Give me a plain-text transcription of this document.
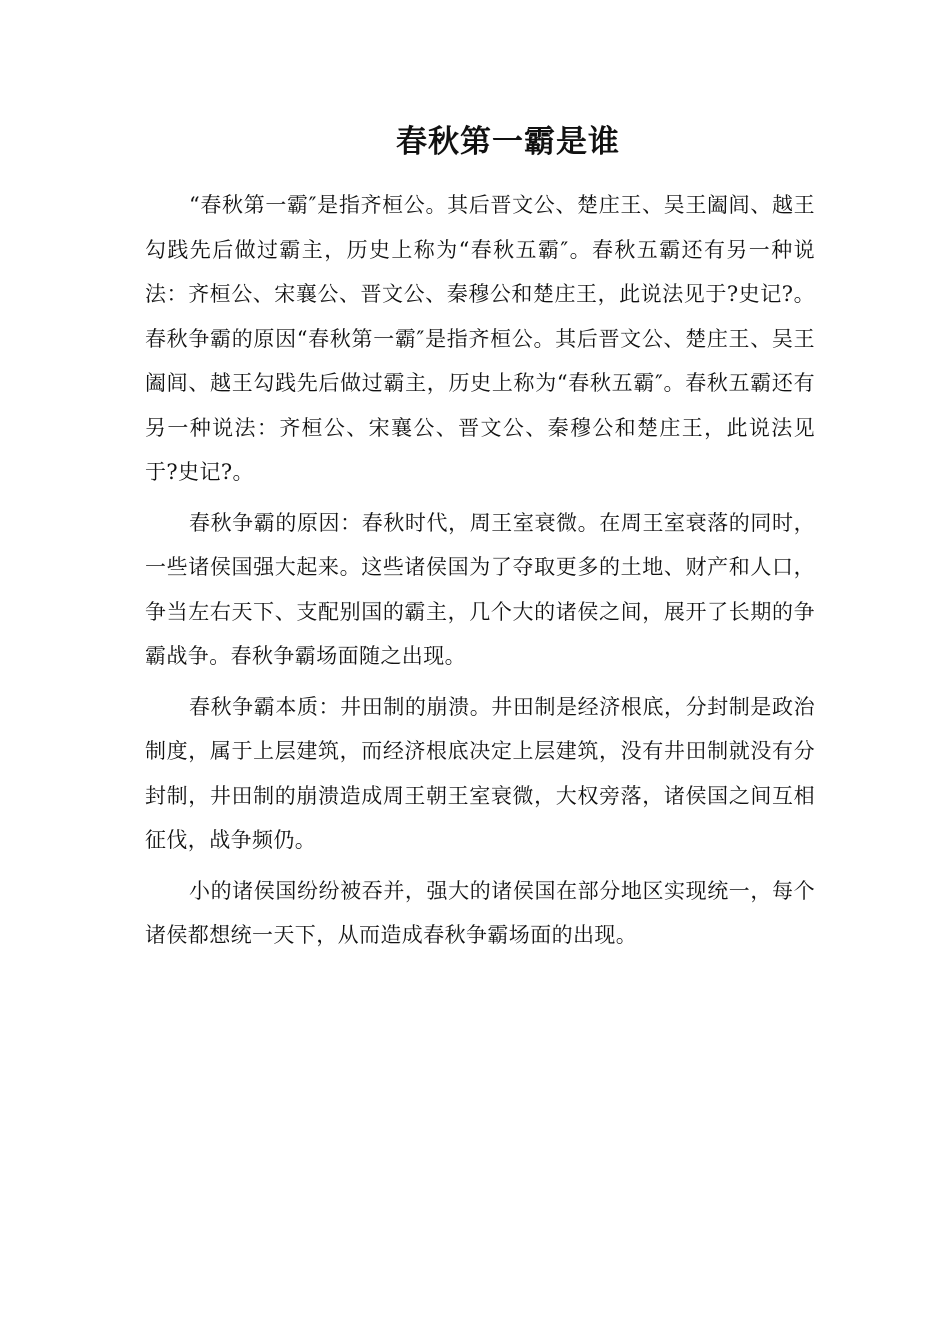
春秋第一霸是谁

“春秋第一霸″是指齐桓公。其后晋文公、楚庄王、吴王阖闾、越王勾践先后做过霸主，历史上称为“春秋五霸″。春秋五霸还有另一种说法：齐桓公、宋襄公、晋文公、秦穆公和楚庄王，此说法见于?史记?。春秋争霸的原因“春秋第一霸″是指齐桓公。其后晋文公、楚庄王、吴王阖闾、越王勾践先后做过霸主，历史上称为“春秋五霸″。春秋五霸还有另一种说法：齐桓公、宋襄公、晋文公、秦穆公和楚庄王，此说法见于?史记?。

春秋争霸的原因：春秋时代，周王室衰微。在周王室衰落的同时，一些诸侯国强大起来。这些诸侯国为了夺取更多的土地、财产和人口，争当左右天下、支配别国的霸主，几个大的诸侯之间，展开了长期的争霸战争。春秋争霸场面随之出现。

春秋争霸本质：井田制的崩溃。井田制是经济根底，分封制是政治制度，属于上层建筑，而经济根底决定上层建筑，没有井田制就没有分封制，井田制的崩溃造成周王朝王室衰微，大权旁落，诸侯国之间互相征伐，战争频仍。

小的诸侯国纷纷被吞并，强大的诸侯国在部分地区实现统一，每个诸侯都想统一天下，从而造成春秋争霸场面的出现。
